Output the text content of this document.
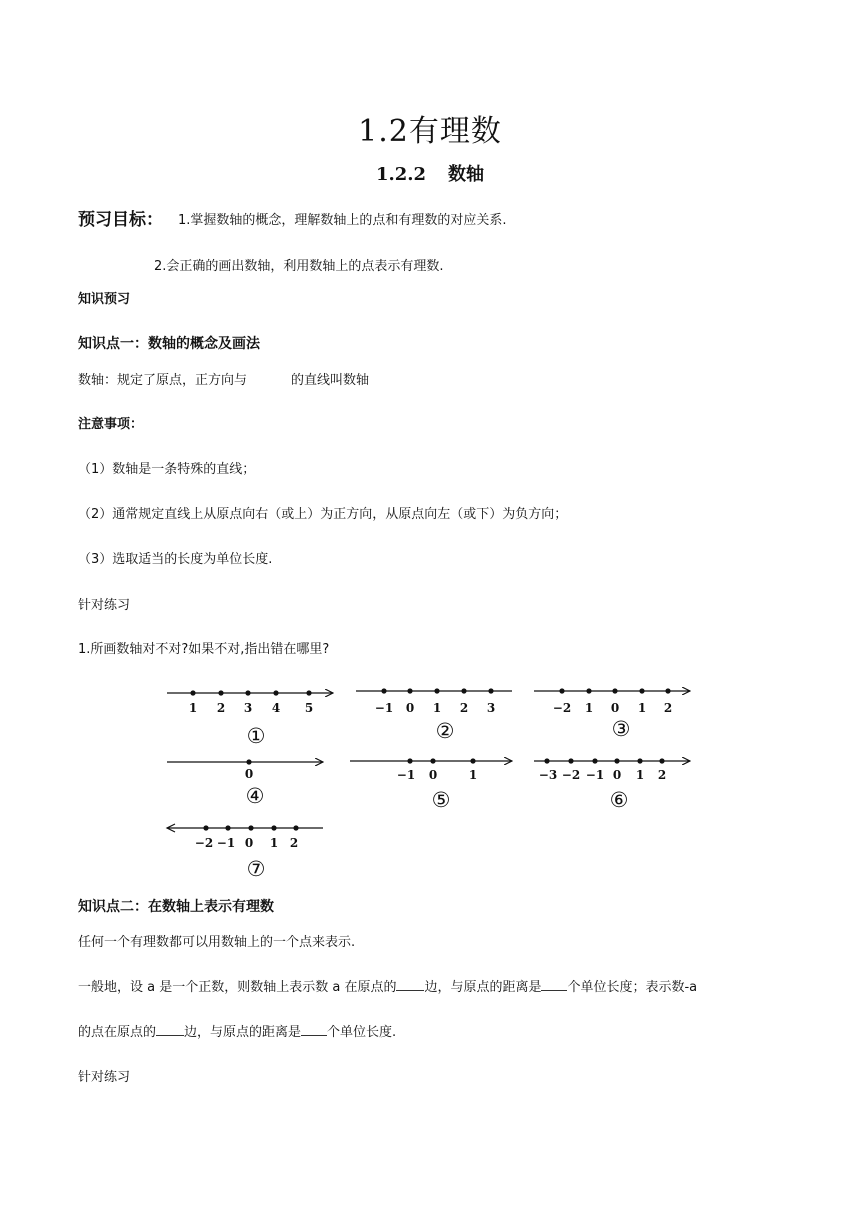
1.2有理数
1.2.2 数轴
预习目标： 1.掌握数轴的概念，理解数轴上的点和有理数的对应关系.
2.会正确的画出数轴，利用数轴上的点表示有理数.
知识预习
知识点一：数轴的概念及画法
数轴：规定了原点，正方向与	的直线叫数轴
注意事项：
（1）数轴是一条特殊的直线；
（2）通常规定直线上从原点向右（或上）为正方向，从原点向左（或下）为负方向；
（3）选取适当的长度为单位长度.
针对练习
1.所画数轴对不对?如果不对,指出错在哪里?
1 2 3 4 5
①
−1 0 1 2 3
②
−2 1 0 1 2
③
0
④
−1 0	1
⑤
−3 −2 −1 0 1 2
⑥
−2 −1 0 1 2
⑦
知识点二：在数轴上表示有理数
任何一个有理数都可以用数轴上的一个点来表示.
一般地，设 a 是一个正数，则数轴上表示数 a 在原点的 边，与原点的距离是 个单位长度；表示数-a
的点在原点的 边，与原点的距离是 个单位长度.
针对练习
